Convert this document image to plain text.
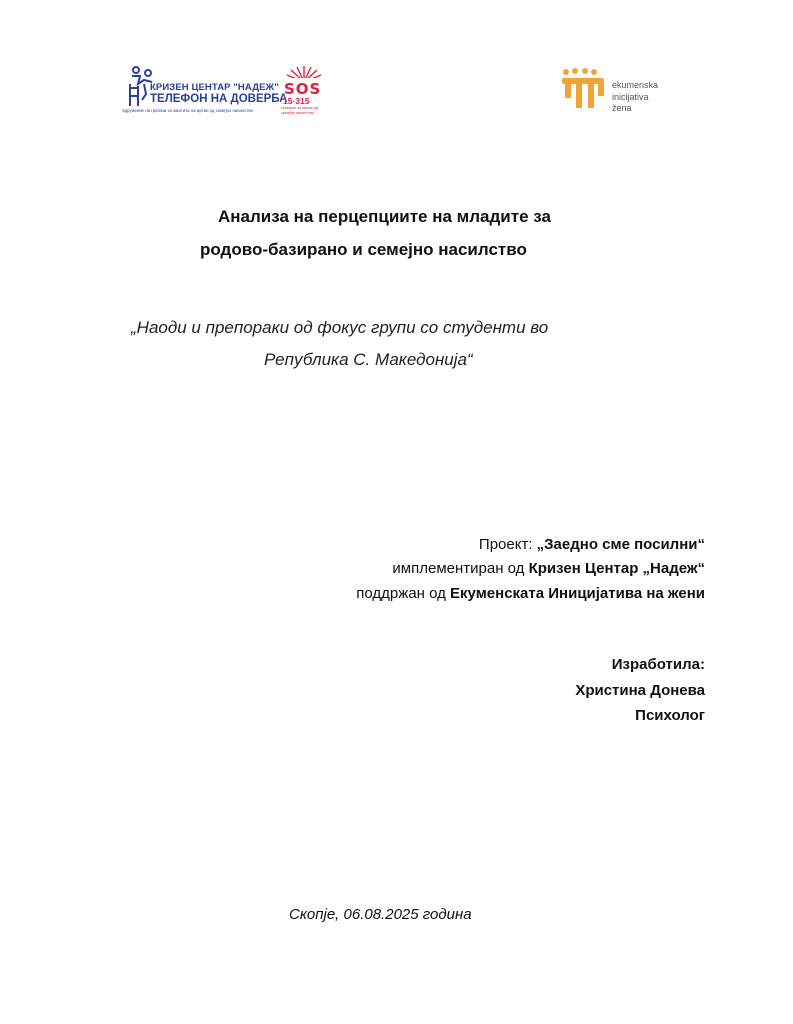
КРИЗЕН ЦЕНТАР "НАДЕЖ"
ТЕЛЕФОН НА ДОВЕРБА
Здружение на граѓани за заштита на жртви од семејно насилство
SOS
15·315
телефон за жртви од
семејно насилство
ekumenska
inicijativa
žena
Анализа на перцепциите на младите за
родово-базирано и семејно насилство
„Наоди и препораки од фокус групи со студенти во
Република С. Македонија“
Проект: „Заедно сме посилни“
имплементиран од Кризен Центар „Надеж“
поддржан од Екуменската Иницијатива на жени
Изработила:
Христина Донева
Психолог
Скопје, 06.08.2025 година
